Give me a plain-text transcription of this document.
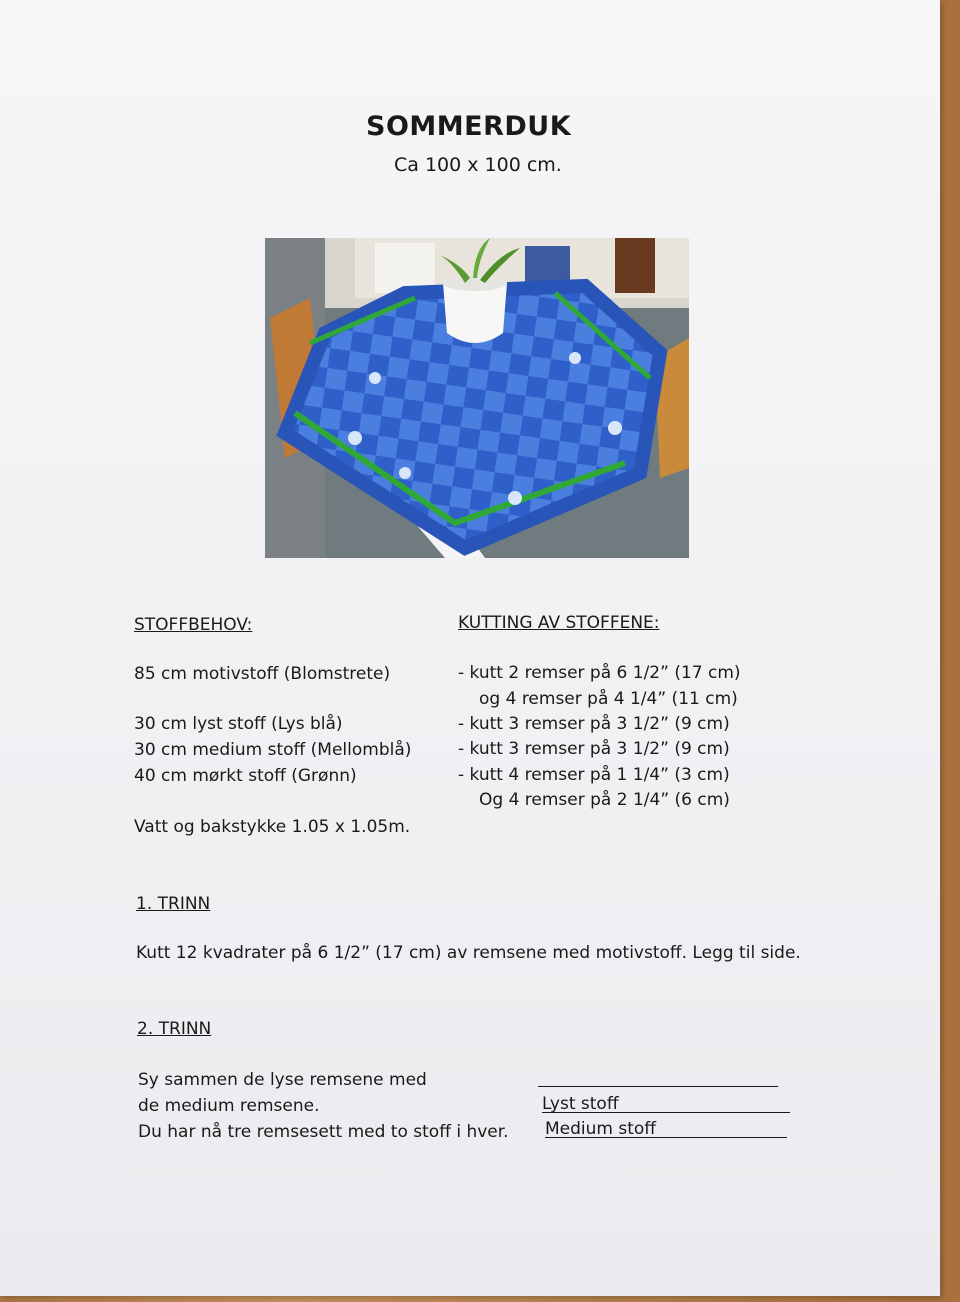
SOMMERDUK
Ca 100 x 100 cm.
STOFFBEHOV:
85 cm motivstoff (Blomstrete)
30 cm lyst stoff (Lys blå)
30 cm medium stoff (Mellomblå)
40 cm mørkt stoff (Grønn)
Vatt og bakstykke 1.05 x 1.05m.
KUTTING AV STOFFENE:
- kutt 2 remser på 6 1/2” (17 cm)
og 4 remser på 4 1/4” (11 cm)
- kutt 3 remser på 3 1/2” (9 cm)
- kutt 3 remser på 3 1/2” (9 cm)
- kutt 4 remser på 1 1/4” (3 cm)
Og 4 remser på 2 1/4” (6 cm)
1. TRINN
Kutt 12 kvadrater på 6 1/2” (17 cm) av remsene med motivstoff. Legg til side.
2. TRINN
Sy sammen de lyse remsene med
de medium remsene.
Du har nå tre remsesett med to stoff i hver.
Lyst stoff
Medium stoff
